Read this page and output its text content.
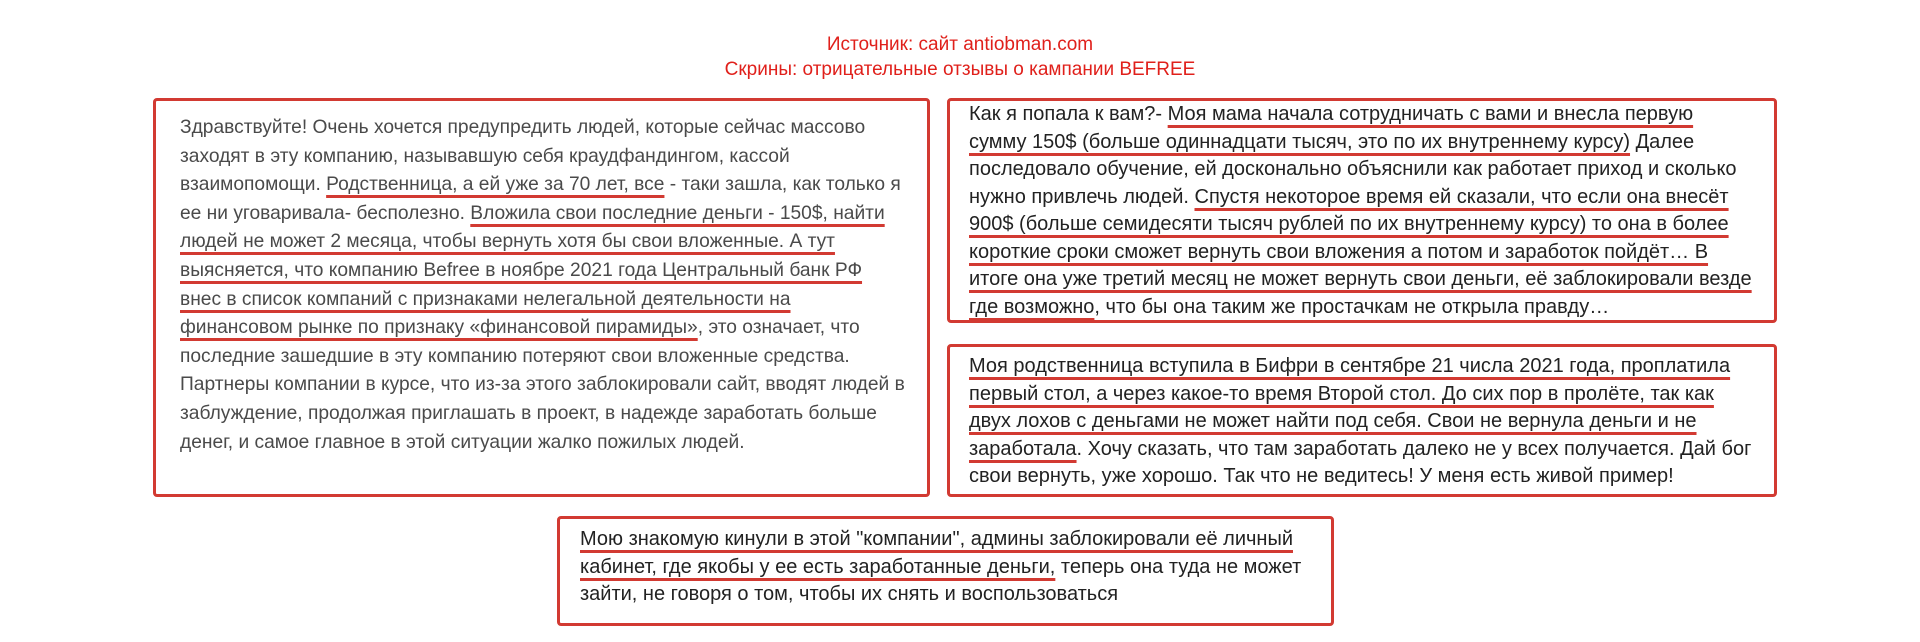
Источник: сайт antiobman.com
Скрины: отрицательные отзывы о кампании BEFREE

Здравствуйте! Очень хочется предупредить людей, которые сейчас массово заходят в эту компанию, называвшую себя краудфандингом, кассой взаимопомощи. Родственница, а ей уже за 70 лет, все - таки зашла, как только я ее ни уговаривала- бесполезно. Вложила свои последние деньги - 150$, найти людей не может 2 месяца, чтобы вернуть хотя бы свои вложенные. А тут выясняется, что компанию Befree в ноябре 2021 года Центральный банк РФ внес в список компаний с признаками нелегальной деятельности на финансовом рынке по признаку «финансовой пирамиды», это означает, что последние зашедшие в эту компанию потеряют свои вложенные средства. Партнеры компании в курсе, что из-за этого заблокировали сайт, вводят людей в заблуждение, продолжая приглашать в проект, в надежде заработать больше денег, и самое главное в этой ситуации жалко пожилых людей.

Как я попала к вам?- Моя мама начала сотрудничать с вами и внесла первую сумму 150$ (больше одиннадцати тысяч, это по их внутреннему курсу) Далее последовало обучение, ей досконально объяснили как работает приход и сколько нужно привлечь людей. Спустя некоторое время ей сказали, что если она внесёт 900$ (больше семидесяти тысяч рублей по их внутреннему курсу) то она в более короткие сроки сможет вернуть свои вложения а потом и заработок пойдёт… В итоге она уже третий месяц не может вернуть свои деньги, её заблокировали везде где возможно, что бы она таким же простачкам не открыла правду…

Моя родственница вступила в Бифри в сентябре 21 числа 2021 года, проплатила первый стол, а через какое-то время Второй стол. До сих пор в пролёте, так как двух лохов с деньгами не может найти под себя. Свои не вернула деньги и не заработала. Хочу сказать, что там заработать далеко не у всех получается. Дай бог свои вернуть, уже хорошо. Так что не ведитесь! У меня есть живой пример!

Мою знакомую кинули в этой "компании", админы заблокировали её личный кабинет, где якобы у ее есть заработанные деньги, теперь она туда не может зайти, не говоря о том, чтобы их снять и воспользоваться
